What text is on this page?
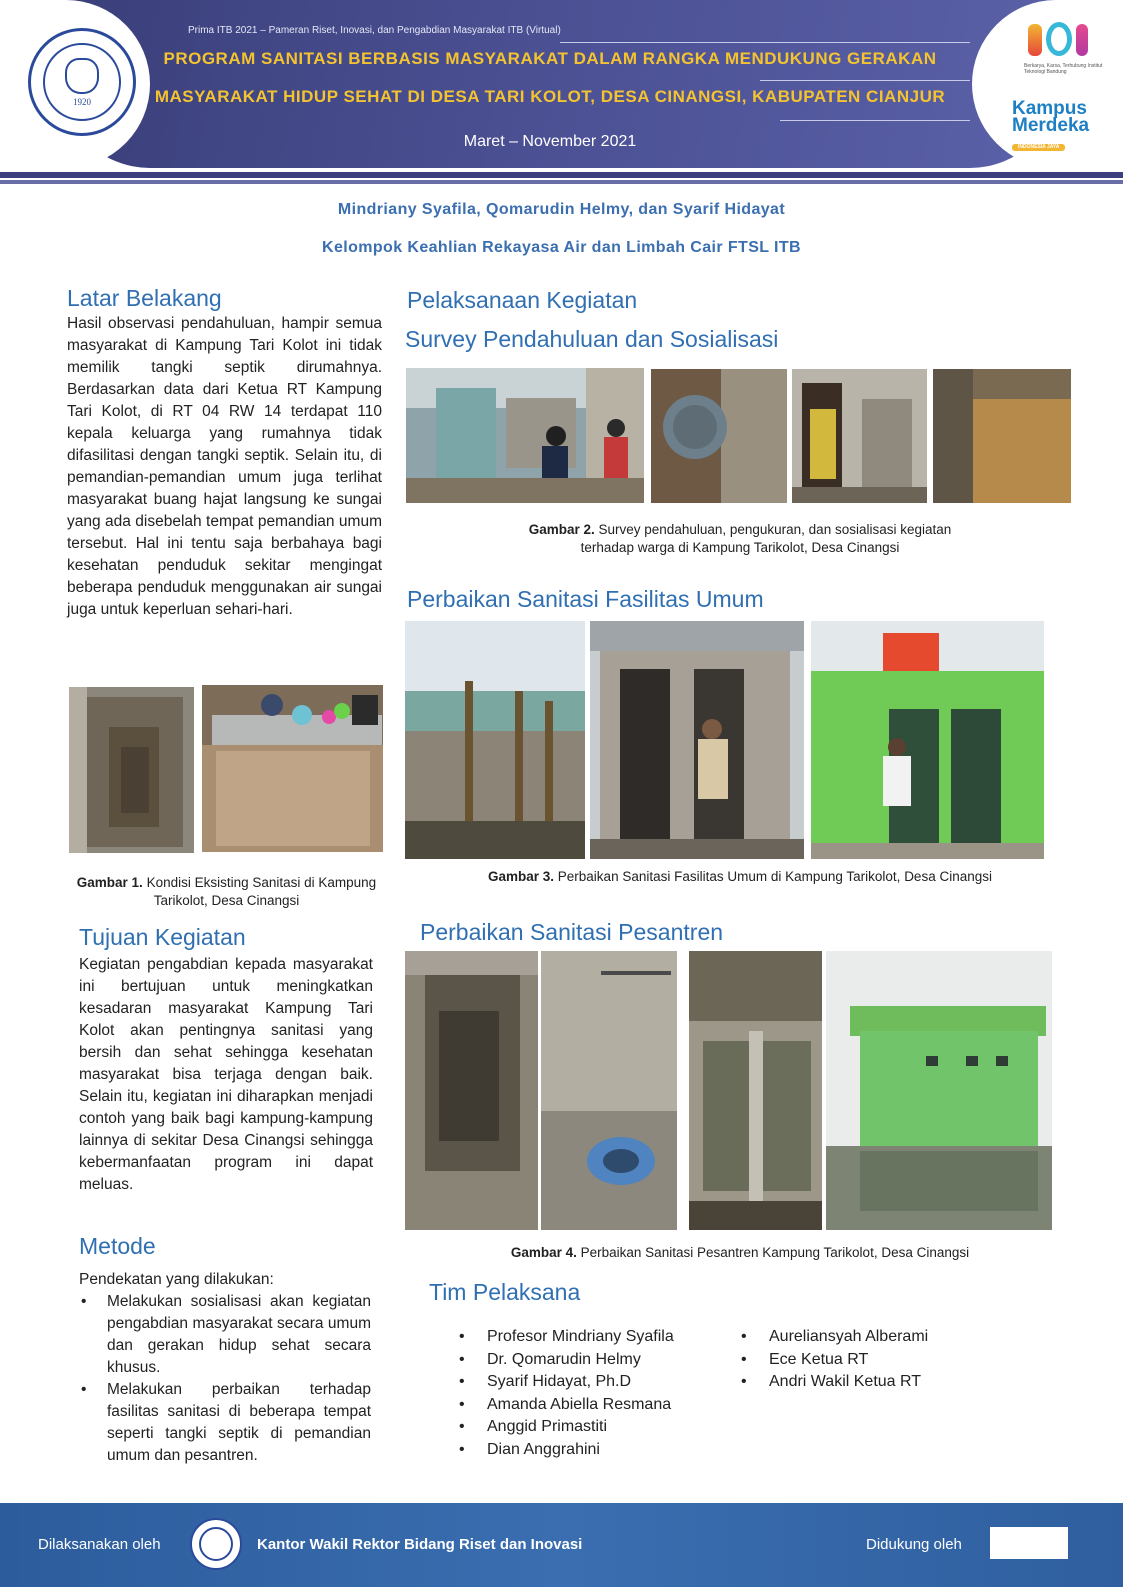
1920
Berkarya, Karsa, Terhubung Institut Teknologi Bandung
Kampus
Merdeka
INDONESIA JAYA
Prima ITB 2021 – Pameran Riset, Inovasi, dan Pengabdian Masyarakat ITB (Virtual)
PROGRAM SANITASI BERBASIS MASYARAKAT DALAM RANGKA MENDUKUNG GERAKAN
MASYARAKAT HIDUP SEHAT DI DESA TARI KOLOT, DESA CINANGSI, KABUPATEN CIANJUR
Maret – November 2021
Mindriany Syafila, Qomarudin Helmy, dan Syarif Hidayat
Kelompok Keahlian Rekayasa Air dan Limbah Cair FTSL ITB
Latar Belakang
Hasil observasi pendahuluan, hampir semua masyarakat di Kampung Tari Kolot ini tidak memilik tangki septik dirumahnya. Berdasarkan data dari Ketua RT Kampung Tari Kolot, di RT 04 RW 14 terdapat 110 kepala keluarga yang rumahnya tidak difasilitasi dengan tangki septik. Selain itu, di pemandian-pemandian umum juga terlihat masyarakat buang hajat langsung ke sungai yang ada disebelah tempat pemandian umum tersebut. Hal ini tentu saja berbahaya bagi kesehatan penduduk sekitar mengingat beberapa penduduk menggunakan air sungai juga untuk keperluan sehari-hari.
Gambar 1. Kondisi Eksisting Sanitasi di Kampung Tarikolot, Desa Cinangsi
Tujuan Kegiatan
Kegiatan pengabdian kepada masyarakat ini bertujuan untuk meningkatkan kesadaran masyarakat Kampung Tari Kolot akan pentingnya sanitasi yang bersih dan sehat sehingga kesehatan masyarakat bisa terjaga dengan baik. Selain itu, kegiatan ini diharapkan menjadi contoh yang baik bagi kampung-kampung lainnya di sekitar Desa Cinangsi sehingga kebermanfaatan program ini dapat meluas.
Metode
Pendekatan yang dilakukan:
• Melakukan sosialisasi akan kegiatan pengabdian masyarakat secara umum dan gerakan hidup sehat secara khusus.
• Melakukan perbaikan terhadap fasilitas sanitasi di beberapa tempat seperti tangki septik di pemandian umum dan pesantren.
Pelaksanaan Kegiatan
Survey Pendahuluan dan Sosialisasi
Gambar 2. Survey pendahuluan, pengukuran, dan sosialisasi kegiatan
terhadap warga di Kampung Tarikolot, Desa Cinangsi
Perbaikan Sanitasi Fasilitas Umum
Gambar 3. Perbaikan Sanitasi Fasilitas Umum di Kampung Tarikolot, Desa Cinangsi
Perbaikan Sanitasi Pesantren
Gambar 4. Perbaikan Sanitasi Pesantren Kampung Tarikolot, Desa Cinangsi
Tim Pelaksana
• Profesor Mindriany Syafila
• Dr. Qomarudin Helmy
• Syarif Hidayat, Ph.D
• Amanda Abiella Resmana
• Anggid Primastiti
• Dian Anggrahini
• Aureliansyah Alberami
• Ece Ketua RT
• Andri Wakil Ketua RT
Dilaksanakan oleh	Kantor Wakil Rektor Bidang Riset dan Inovasi	Didukung oleh
